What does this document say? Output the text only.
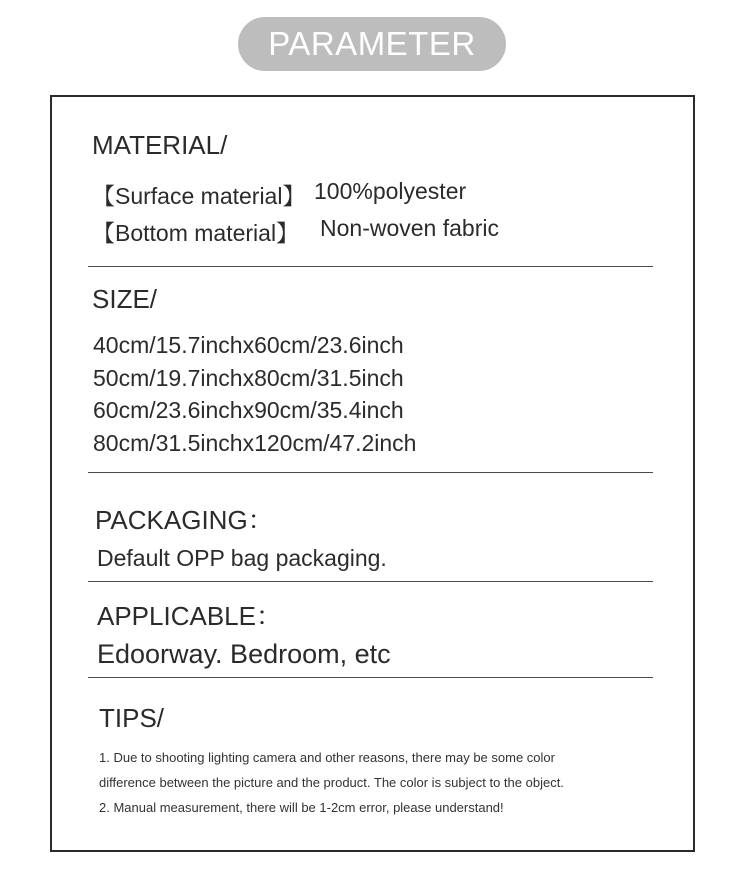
PARAMETER
MATERIAL/
【Surface material】 100%polyester
【Bottom material】 Non-woven fabric
SIZE/
40cm/15.7inchx60cm/23.6inch
50cm/19.7inchx80cm/31.5inch
60cm/23.6inchx90cm/35.4inch
80cm/31.5inchx120cm/47.2inch
PACKAGING：
Default OPP bag packaging.
APPLICABLE：
Edoorway. Bedroom, etc
TIPS/
1. Due to shooting lighting camera and other reasons, there may be some color
difference between the picture and the product. The color is subject to the object.
2. Manual measurement, there will be 1-2cm error, please understand!
